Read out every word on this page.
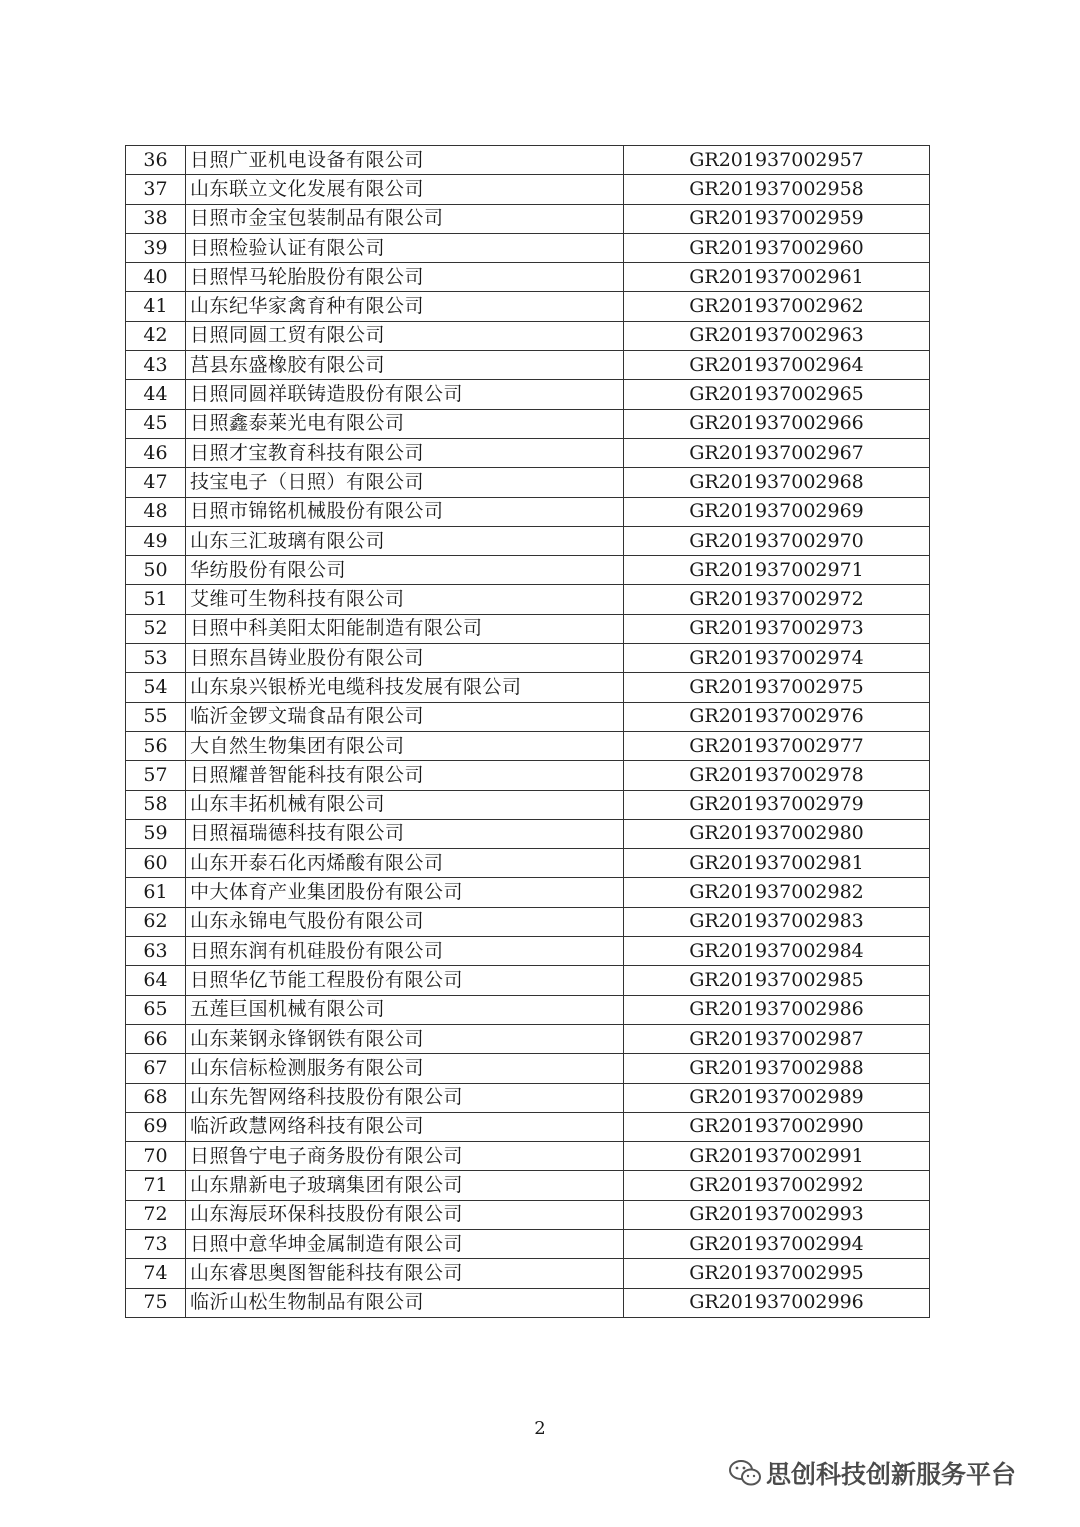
36	日照广亚机电设备有限公司	GR201937002957
37	山东联立文化发展有限公司	GR201937002958
38	日照市金宝包装制品有限公司	GR201937002959
39	日照检验认证有限公司	GR201937002960
40	日照悍马轮胎股份有限公司	GR201937002961
41	山东纪华家禽育种有限公司	GR201937002962
42	日照同圆工贸有限公司	GR201937002963
43	莒县东盛橡胶有限公司	GR201937002964
44	日照同圆祥联铸造股份有限公司	GR201937002965
45	日照鑫泰莱光电有限公司	GR201937002966
46	日照才宝教育科技有限公司	GR201937002967
47	技宝电子（日照）有限公司	GR201937002968
48	日照市锦铭机械股份有限公司	GR201937002969
49	山东三汇玻璃有限公司	GR201937002970
50	华纺股份有限公司	GR201937002971
51	艾维可生物科技有限公司	GR201937002972
52	日照中科美阳太阳能制造有限公司	GR201937002973
53	日照东昌铸业股份有限公司	GR201937002974
54	山东泉兴银桥光电缆科技发展有限公司	GR201937002975
55	临沂金锣文瑞食品有限公司	GR201937002976
56	大自然生物集团有限公司	GR201937002977
57	日照耀普智能科技有限公司	GR201937002978
58	山东丰拓机械有限公司	GR201937002979
59	日照福瑞德科技有限公司	GR201937002980
60	山东开泰石化丙烯酸有限公司	GR201937002981
61	中大体育产业集团股份有限公司	GR201937002982
62	山东永锦电气股份有限公司	GR201937002983
63	日照东润有机硅股份有限公司	GR201937002984
64	日照华亿节能工程股份有限公司	GR201937002985
65	五莲巨国机械有限公司	GR201937002986
66	山东莱钢永锋钢铁有限公司	GR201937002987
67	山东信标检测服务有限公司	GR201937002988
68	山东先智网络科技股份有限公司	GR201937002989
69	临沂政慧网络科技有限公司	GR201937002990
70	日照鲁宁电子商务股份有限公司	GR201937002991
71	山东鼎新电子玻璃集团有限公司	GR201937002992
72	山东海辰环保科技股份有限公司	GR201937002993
73	日照中意华坤金属制造有限公司	GR201937002994
74	山东睿思奥图智能科技有限公司	GR201937002995
75	临沂山松生物制品有限公司	GR201937002996
2
思创科技创新服务平台
